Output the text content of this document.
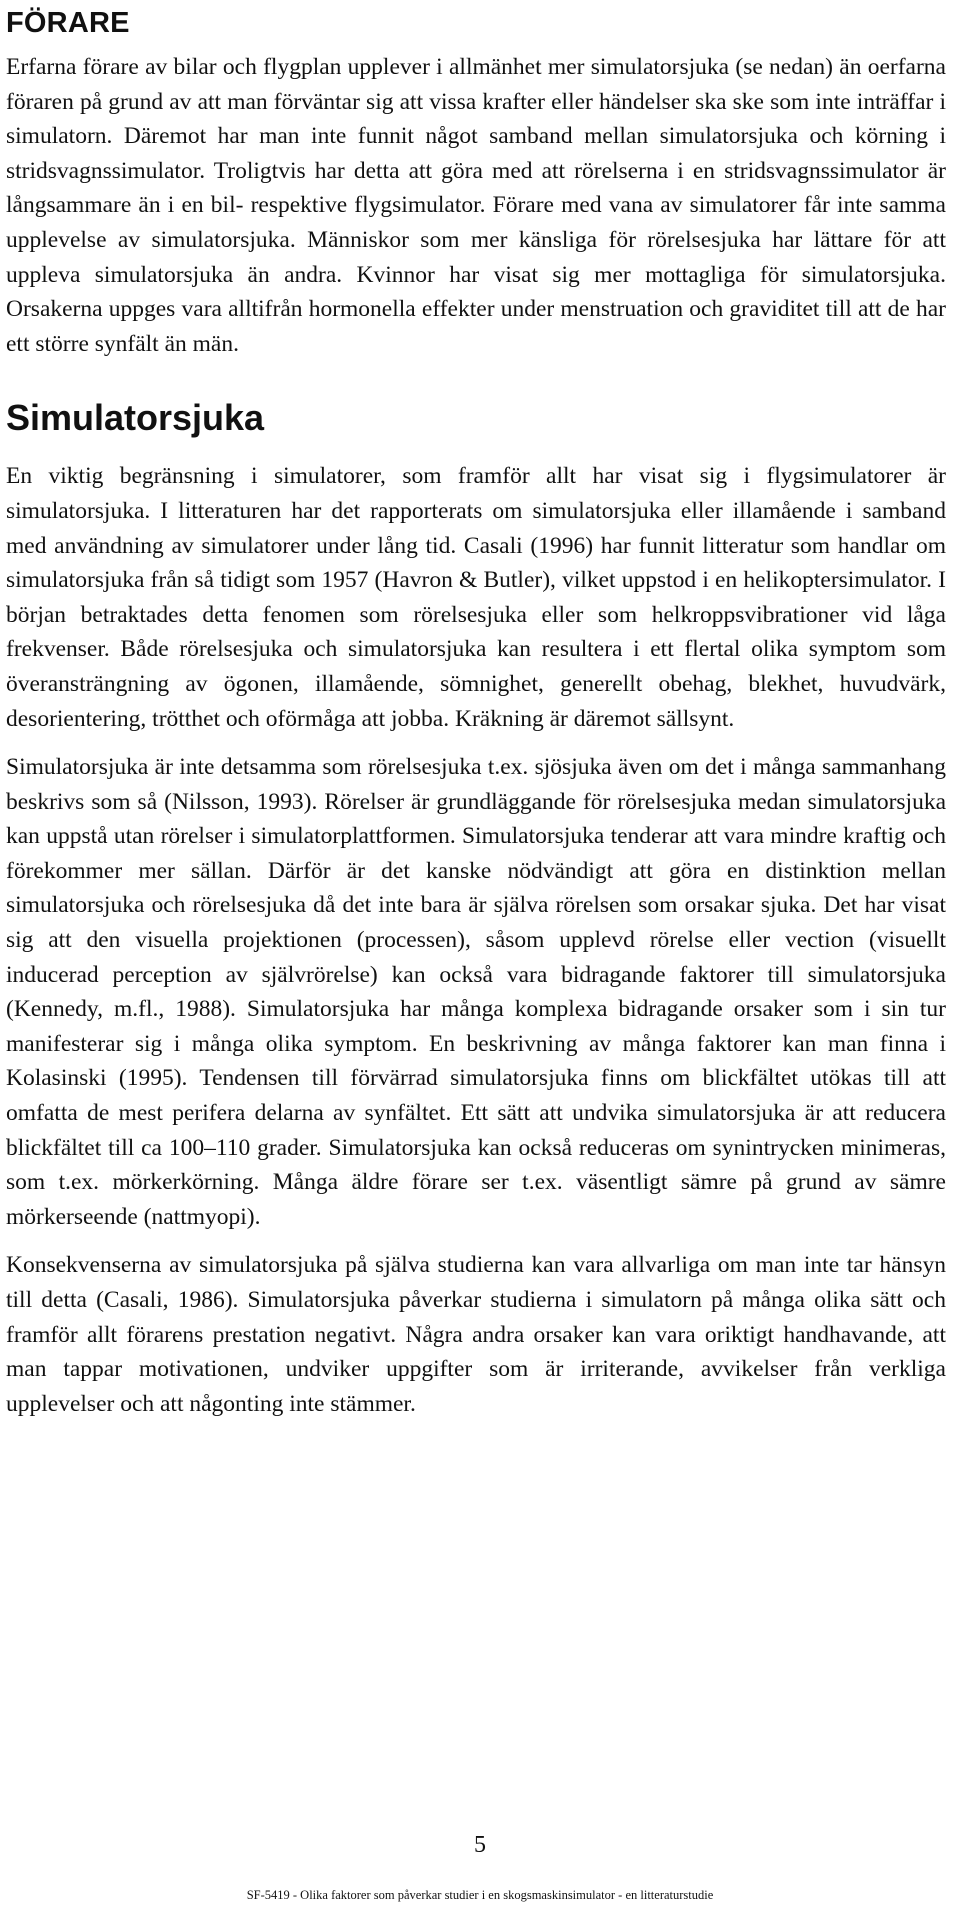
FÖRARE

Erfarna förare av bilar och flygplan upplever i allmänhet mer simulatorsjuka (se nedan) än oerfarna föraren på grund av att man förväntar sig att vissa krafter eller händelser ska ske som inte inträffar i simulatorn. Däremot har man inte funnit något samband mellan simulatorsjuka och körning i stridsvagnssimulator. Troligtvis har detta att göra med att rörelserna i en stridsvagnssimulator är långsammare än i en bil- respektive flygsimulator. Förare med vana av simulatorer får inte samma upplevelse av simulatorsjuka. Människor som mer känsliga för rörelsesjuka har lättare för att uppleva simulatorsjuka än andra. Kvinnor har visat sig mer mottagliga för simulatorsjuka. Orsakerna uppges vara alltifrån hormonella effekter under menstruation och graviditet till att de har ett större synfält än män.

Simulatorsjuka

En viktig begränsning i simulatorer, som framför allt har visat sig i flygsimulatorer är simulatorsjuka. I litteraturen har det rapporterats om simulatorsjuka eller illamående i samband med användning av simulatorer under lång tid. Casali (1996) har funnit litteratur som handlar om simulatorsjuka från så tidigt som 1957 (Havron & Butler), vilket uppstod i en helikoptersimulator. I början betraktades detta fenomen som rörelsesjuka eller som helkroppsvibrationer vid låga frekvenser. Både rörelsesjuka och simulatorsjuka kan resultera i ett flertal olika symptom som överansträngning av ögonen, illamående, sömnighet, generellt obehag, blekhet, huvudvärk, desorientering, trötthet och oförmåga att jobba. Kräkning är däremot sällsynt.

Simulatorsjuka är inte detsamma som rörelsesjuka t.ex. sjösjuka även om det i många sammanhang beskrivs som så (Nilsson, 1993). Rörelser är grundläggande för rörelsesjuka medan simulatorsjuka kan uppstå utan rörelser i simulatorplattformen. Simulatorsjuka tenderar att vara mindre kraftig och förekommer mer sällan. Därför är det kanske nödvändigt att göra en distinktion mellan simulatorsjuka och rörelsesjuka då det inte bara är själva rörelsen som orsakar sjuka. Det har visat sig att den visuella projektionen (processen), såsom upplevd rörelse eller vection (visuellt inducerad perception av självrörelse) kan också vara bidragande faktorer till simulatorsjuka (Kennedy, m.fl., 1988). Simulatorsjuka har många komplexa bidragande orsaker som i sin tur manifesterar sig i många olika symptom. En beskrivning av många faktorer kan man finna i Kolasinski (1995). Tendensen till förvärrad simulatorsjuka finns om blickfältet utökas till att omfatta de mest perifera delarna av synfältet. Ett sätt att undvika simulatorsjuka är att reducera blickfältet till ca 100–110 grader. Simulatorsjuka kan också reduceras om synintrycken minimeras, som t.ex. mörkerkörning. Många äldre förare ser t.ex. väsentligt sämre på grund av sämre mörkerseende (nattmyopi).

Konsekvenserna av simulatorsjuka på själva studierna kan vara allvarliga om man inte tar hänsyn till detta (Casali, 1986). Simulatorsjuka påverkar studierna i simulatorn på många olika sätt och framför allt förarens prestation negativt. Några andra orsaker kan vara oriktigt handhavande, att man tappar motivationen, undviker uppgifter som är irriterande, avvikelser från verkliga upplevelser och att någonting inte stämmer.

5
SF-5419 - Olika faktorer som påverkar studier i en skogsmaskinsimulator - en litteraturstudie
